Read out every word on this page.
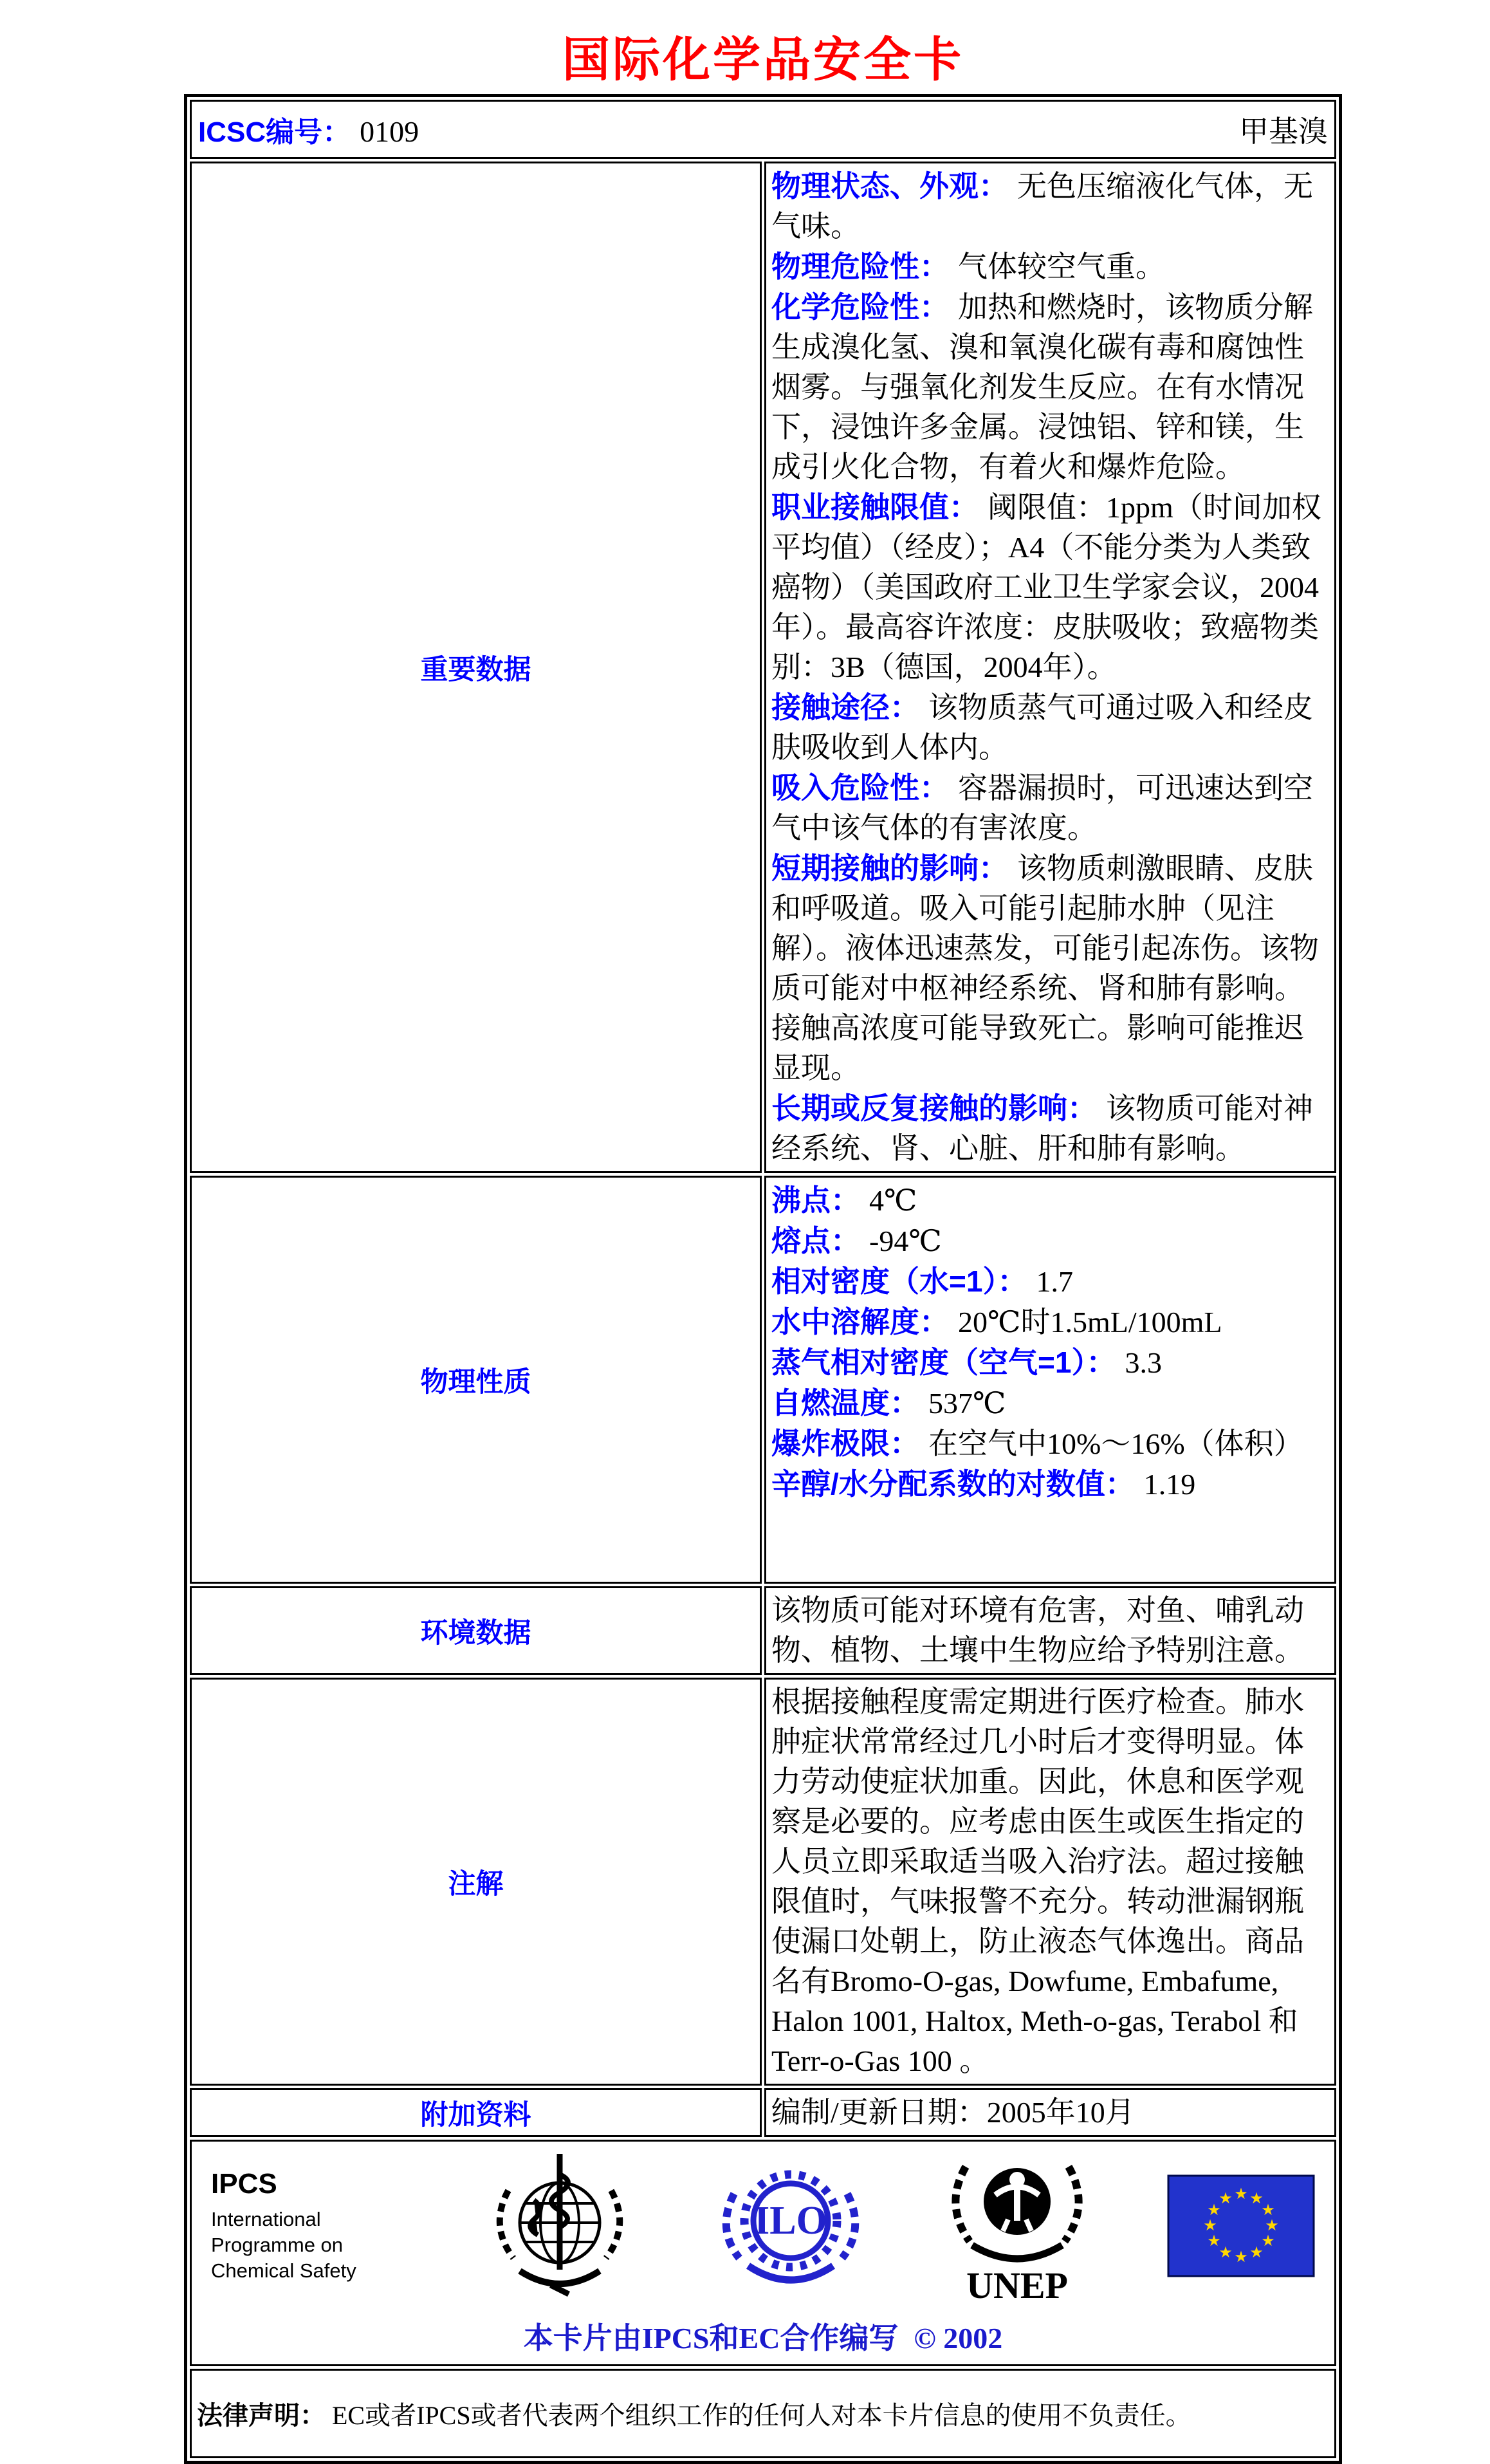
国际化学品安全卡
ICSC编号： 0109 甲基溴	

重要数据	
物理状态、外观： 无色压缩液化气体，无气味。
物理危险性： 气体较空气重。
化学危险性： 加热和燃烧时，该物质分解生成溴化氢、溴和氧溴化碳有毒和腐蚀性烟雾。与强氧化剂发生反应。在有水情况下，浸蚀许多金属。浸蚀铝、锌和镁，生成引火化合物，有着火和爆炸危险。
职业接触限值： 阈限值：1ppm（时间加权平均值）（经皮）；A4（不能分类为人类致癌物）（美国政府工业卫生学家会议，2004年）。最高容许浓度：皮肤吸收；致癌物类别：3B（德国，2004年）。
接触途径： 该物质蒸气可通过吸入和经皮肤吸收到人体内。
吸入危险性： 容器漏损时，可迅速达到空气中该气体的有害浓度。
短期接触的影响： 该物质刺激眼睛、皮肤和呼吸道。吸入可能引起肺水肿（见注解）。液体迅速蒸发，可能引起冻伤。该物质可能对中枢神经系统、肾和肺有影响。接触高浓度可能导致死亡。影响可能推迟显现。
长期或反复接触的影响： 该物质可能对神经系统、肾、心脏、肝和肺有影响。

物理性质	
沸点： 4℃
熔点： -94℃
相对密度（水=1）： 1.7
水中溶解度： 20℃时1.5mL/100mL
蒸气相对密度（空气=1）： 3.3
自燃温度： 537℃
爆炸极限： 在空气中10%～16%（体积）
辛醇/水分配系数的对数值： 1.19

环境数据	该物质可能对环境有危害，对鱼、哺乳动物、植物、土壤中生物应给予特别注意。
注解	根据接触程度需定期进行医疗检查。肺水肿症状常常经过几小时后才变得明显。体力劳动使症状加重。因此，休息和医学观察是必要的。应考虑由医生或医生指定的人员立即采取适当吸入治疗法。超过接触限值时，气味报警不充分。转动泄漏钢瓶使漏口处朝上，防止液态气体逸出。商品名有Bromo-O-gas, Dowfume, Embafume, Halon 1001, Haltox, Meth-o-gas, Terabol 和 Terr-o-Gas 100 。
附加资料	编制/更新日期：2005年10月

IPCS
International
Programme on
Chemical Safety
ILO
UNEP
★ ★
★
★
★
★
★
★
★
★
★
★
本卡片由IPCS和EC合作编写 © 2002

法律声明： EC或者IPCS或者代表两个组织工作的任何人对本卡片信息的使用不负责任。	
